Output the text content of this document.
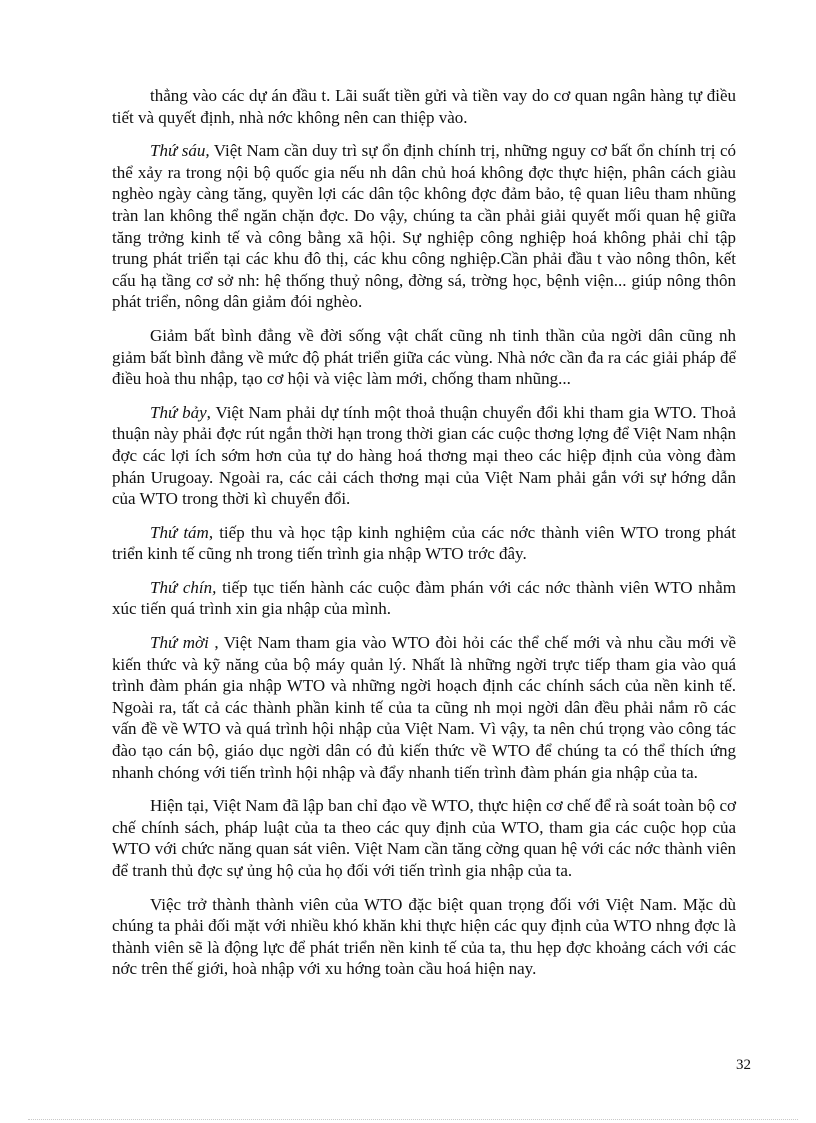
thẳng vào các dự án đầu t. Lãi suất tiền gửi và tiền vay do cơ quan ngân hàng tự điều tiết và quyết định, nhà nớc không nên can thiệp vào.

Thứ sáu, Việt Nam cần duy trì sự ổn định chính trị, những nguy cơ bất ổn chính trị có thể xảy ra trong nội bộ quốc gia nếu nh dân chủ hoá không đợc thực hiện, phân cách giàu nghèo ngày càng tăng, quyền lợi các dân tộc không đợc đảm bảo, tệ quan liêu tham nhũng tràn lan không thể ngăn chặn đợc. Do vậy, chúng ta cần phải giải quyết mối quan hệ giữa tăng trởng kinh tế và công bằng xã hội. Sự nghiệp công nghiệp hoá không phải chỉ tập trung phát triển tại các khu đô thị, các khu công nghiệp.Cần phải đầu t vào nông thôn, kết cấu hạ tầng cơ sở nh: hệ thống thuỷ nông, đờng sá, trờng học, bệnh viện... giúp nông thôn phát triển, nông dân giảm đói nghèo.

Giảm bất bình đẳng về đời sống vật chất cũng nh tinh thần của ngời dân cũng nh giảm bất bình đẳng về mức độ phát triển giữa các vùng. Nhà nớc cần đa ra các giải pháp để điều hoà thu nhập, tạo cơ hội và việc làm mới, chống tham nhũng...

Thứ bảy, Việt Nam phải dự tính một thoả thuận chuyển đổi khi tham gia WTO. Thoả thuận này phải đợc rút ngắn thời hạn trong thời gian các cuộc thơng lợng để Việt Nam nhận đợc các lợi ích sớm hơn của tự do hàng hoá thơng mại theo các hiệp định của vòng đàm phán Urugoay. Ngoài ra, các cải cách thơng mại của Việt Nam phải gắn với sự hớng dẫn của WTO trong thời kì chuyển đổi.

Thứ tám, tiếp thu và học tập kinh nghiệm của các nớc thành viên WTO trong phát triển kinh tế cũng nh trong tiến trình gia nhập WTO trớc đây.

Thứ chín, tiếp tục tiến hành các cuộc đàm phán với các nớc thành viên WTO nhằm xúc tiến quá trình xin gia nhập của mình.

Thứ mời , Việt Nam tham gia vào WTO đòi hỏi các thể chế mới và nhu cầu mới về kiến thức và kỹ năng của bộ máy quản lý. Nhất là những ngời trực tiếp tham gia vào quá trình đàm phán gia nhập WTO và những ngời hoạch định các chính sách của nền kinh tế. Ngoài ra, tất cả các thành phần kinh tế của ta cũng nh mọi ngời dân đều phải nắm rõ các vấn đề về WTO và quá trình hội nhập của Việt Nam. Vì vậy, ta nên chú trọng vào công tác đào tạo cán bộ, giáo dục ngời dân có đủ kiến thức về WTO để chúng ta có thể thích ứng nhanh chóng với tiến trình hội nhập và đẩy nhanh tiến trình đàm phán gia nhập của ta.

Hiện tại, Việt Nam đã lập ban chỉ đạo về WTO, thực hiện cơ chế để rà soát toàn bộ cơ chế chính sách, pháp luật của ta theo các quy định của WTO, tham gia các cuộc họp của WTO với chức năng quan sát viên. Việt Nam cần tăng cờng quan hệ với các nớc thành viên để tranh thủ đợc sự ủng hộ của họ đối với tiến trình gia nhập của ta.

Việc trở thành thành viên của WTO đặc biệt quan trọng đối với Việt Nam. Mặc dù chúng ta phải đối mặt với nhiều khó khăn khi thực hiện các quy định của WTO nhng đợc là thành viên sẽ là động lực để phát triển nền kinh tế của ta, thu hẹp đợc khoảng cách với các nớc trên thế giới, hoà nhập với xu hớng toàn cầu hoá hiện nay.

32
